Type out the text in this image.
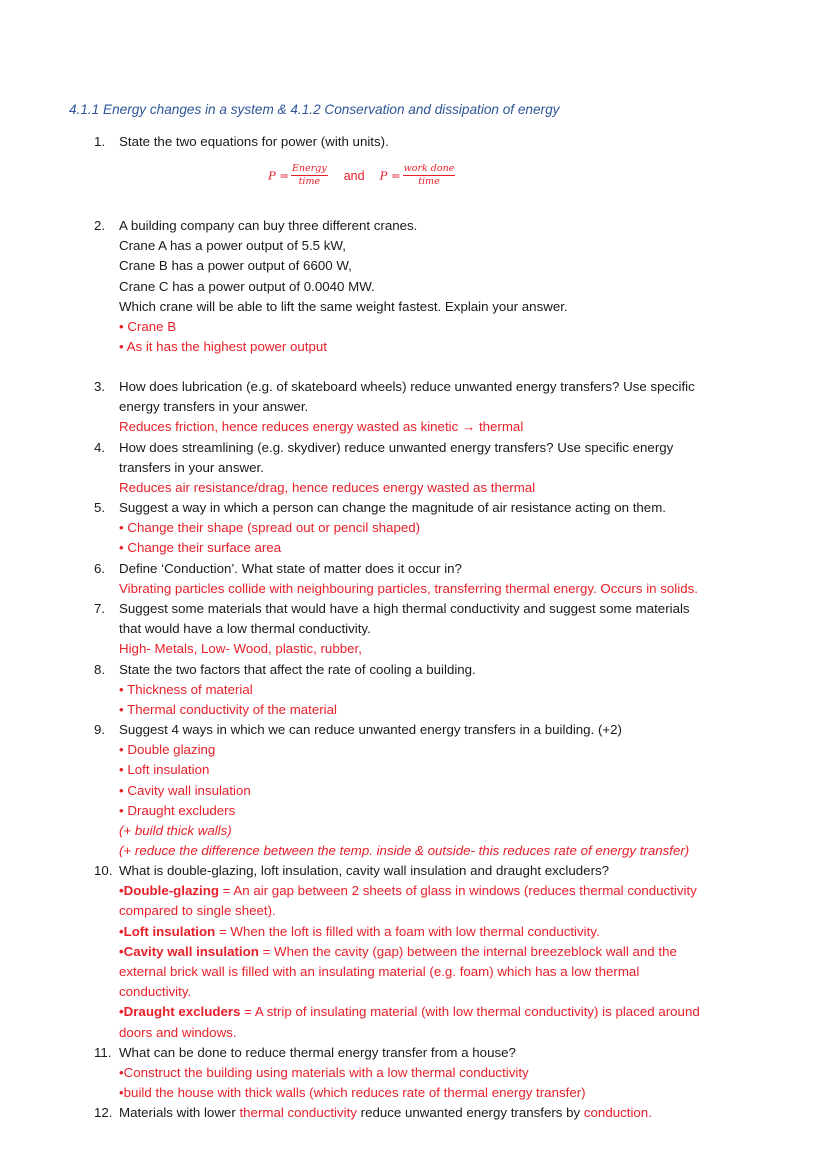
4.1.1 Energy changes in a system & 4.1.2 Conservation and dissipation of energy
1. State the two equations for power (with units).
$P = \frac{\text{Energy}}{\text{time}}$ and $P = \frac{\text{work done}}{\text{time}}$
2. A building company can buy three different cranes.
Crane A has a power output of 5.5 kW,
Crane B has a power output of 6600 W,
Crane C has a power output of 0.0040 MW.
Which crane will be able to lift the same weight fastest. Explain your answer.
• Crane B
• As it has the highest power output
3. How does lubrication (e.g. of skateboard wheels) reduce unwanted energy transfers? Use specific
energy transfers in your answer.
Reduces friction, hence reduces energy wasted as kinetic → thermal
4. How does streamlining (e.g. skydiver) reduce unwanted energy transfers? Use specific energy
transfers in your answer.
Reduces air resistance/drag, hence reduces energy wasted as thermal
5. Suggest a way in which a person can change the magnitude of air resistance acting on them.
• Change their shape (spread out or pencil shaped)
• Change their surface area
6. Define ‘Conduction’. What state of matter does it occur in?
Vibrating particles collide with neighbouring particles, transferring thermal energy. Occurs in solids.
7. Suggest some materials that would have a high thermal conductivity and suggest some materials
that would have a low thermal conductivity.
High- Metals, Low- Wood, plastic, rubber,
8. State the two factors that affect the rate of cooling a building.
• Thickness of material
• Thermal conductivity of the material
9. Suggest 4 ways in which we can reduce unwanted energy transfers in a building. (+2)
• Double glazing
• Loft insulation
• Cavity wall insulation
• Draught excluders
(+ build thick walls)
(+ reduce the difference between the temp. inside & outside- this reduces rate of energy transfer)
10. What is double-glazing, loft insulation, cavity wall insulation and draught excluders?
•Double-glazing = An air gap between 2 sheets of glass in windows (reduces thermal conductivity
compared to single sheet).
•Loft insulation = When the loft is filled with a foam with low thermal conductivity.
•Cavity wall insulation = When the cavity (gap) between the internal breezeblock wall and the
external brick wall is filled with an insulating material (e.g. foam) which has a low thermal
conductivity.
•Draught excluders = A strip of insulating material (with low thermal conductivity) is placed around
doors and windows.
11. What can be done to reduce thermal energy transfer from a house?
•Construct the building using materials with a low thermal conductivity
•build the house with thick walls (which reduces rate of thermal energy transfer)
12. Materials with lower thermal conductivity reduce unwanted energy transfers by conduction.
